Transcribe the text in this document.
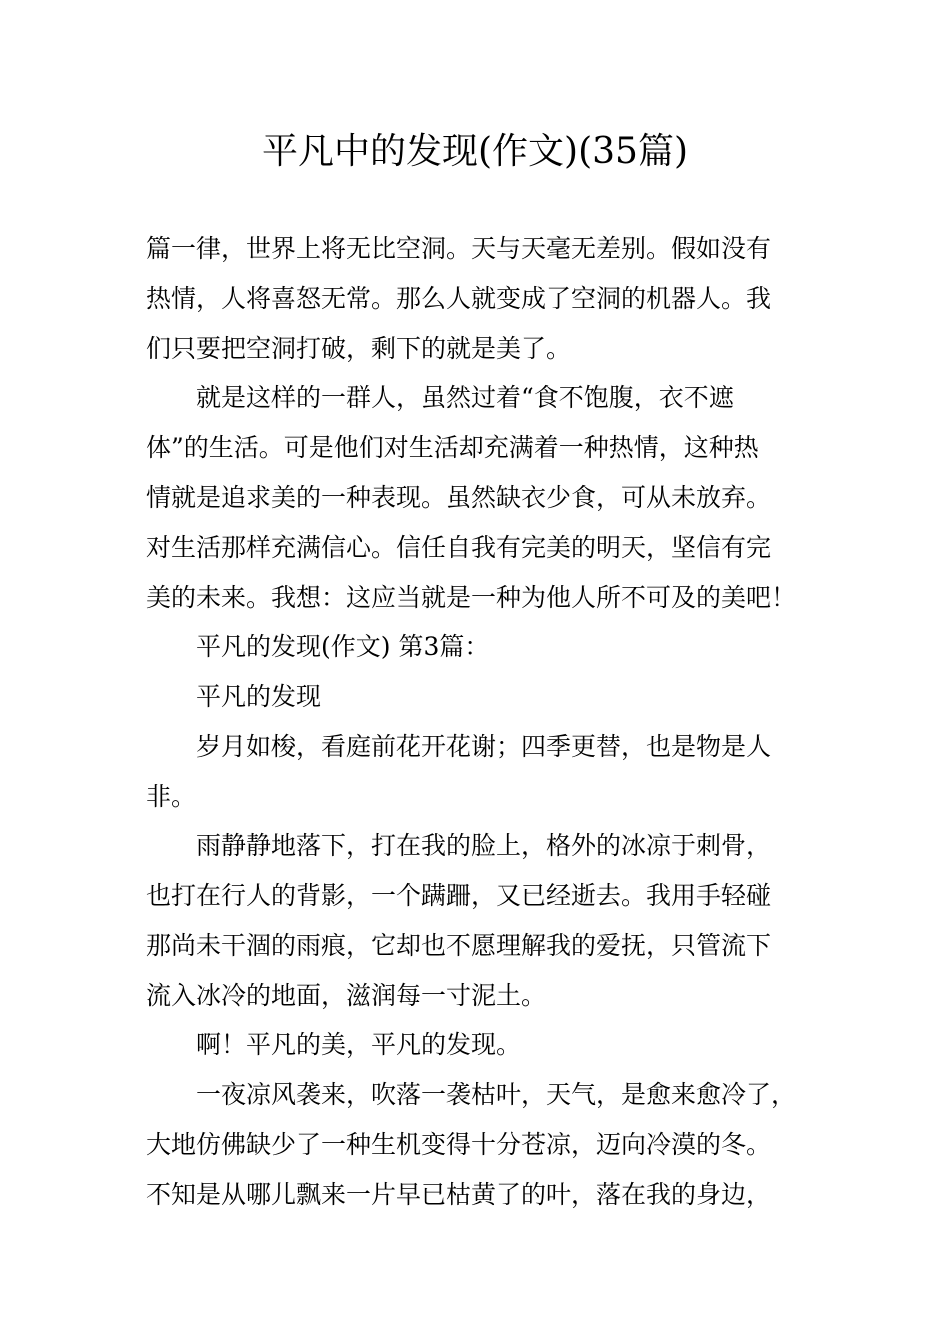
平凡中的发现(作文)(35篇)
篇一律，世界上将无比空洞。天与天毫无差别。假如没有
热情，人将喜怒无常。那么人就变成了空洞的机器人。我
们只要把空洞打破，剩下的就是美了。
就是这样的一群人，虽然过着“食不饱腹，衣不遮
体”的生活。可是他们对生活却充满着一种热情，这种热
情就是追求美的一种表现。虽然缺衣少食，可从未放弃。
对生活那样充满信心。信任自我有完美的明天，坚信有完
美的未来。我想：这应当就是一种为他人所不可及的美吧！
平凡的发现(作文) 第3篇：
平凡的发现
岁月如梭，看庭前花开花谢；四季更替，也是物是人
非。
雨静静地落下，打在我的脸上，格外的冰凉于刺骨，
也打在行人的背影，一个蹒跚，又已经逝去。我用手轻碰
那尚未干涸的雨痕，它却也不愿理解我的爱抚，只管流下
流入冰冷的地面，滋润每一寸泥土。
啊！平凡的美，平凡的发现。
一夜凉风袭来，吹落一袭枯叶，天气，是愈来愈冷了，
大地仿佛缺少了一种生机变得十分苍凉，迈向冷漠的冬。
不知是从哪儿飘来一片早已枯黄了的叶，落在我的身边，
